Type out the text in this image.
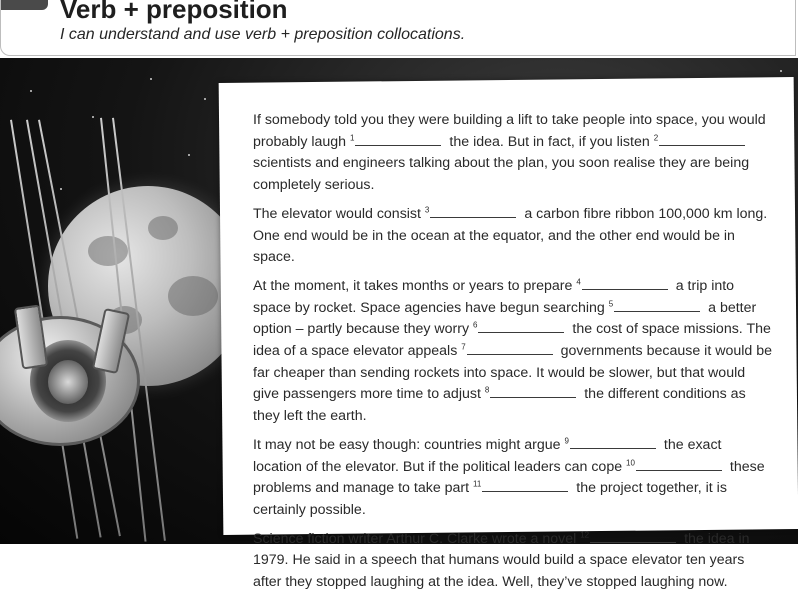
Verb + preposition
I can understand and use verb + preposition collocations.

If somebody told you they were building a lift to take people into space, you would probably laugh $^1$	the idea. But in fact, if you listen $^2$ scientists and engineers talking about the plan, you soon realise they are being completely serious.

The elevator would consist $^3$	a carbon fibre ribbon 100,000 km long. One end would be in the ocean at the equator, and the other end would be in space.

At the moment, it takes months or years to prepare $^4$	a trip into space by rocket. Space agencies have begun searching $^5$	a better option – partly because they worry $^6$	the cost of space missions. The idea of a space elevator appeals $^7$	governments because it would be far cheaper than sending rockets into space. It would be slower, but that would give passengers more time to adjust $^8$	the different conditions as they left the earth.

It may not be easy though: countries might argue $^9$	the exact location of the elevator. But if the political leaders can cope $^{10}$	these problems and manage to take part $^{11}$	the project together, it is certainly possible.

Science fiction writer Arthur C. Clarke wrote a novel $^{12}$	the idea in 1979. He said in a speech that humans would build a space elevator ten years after they stopped laughing at the idea. Well, they’ve stopped laughing now.
